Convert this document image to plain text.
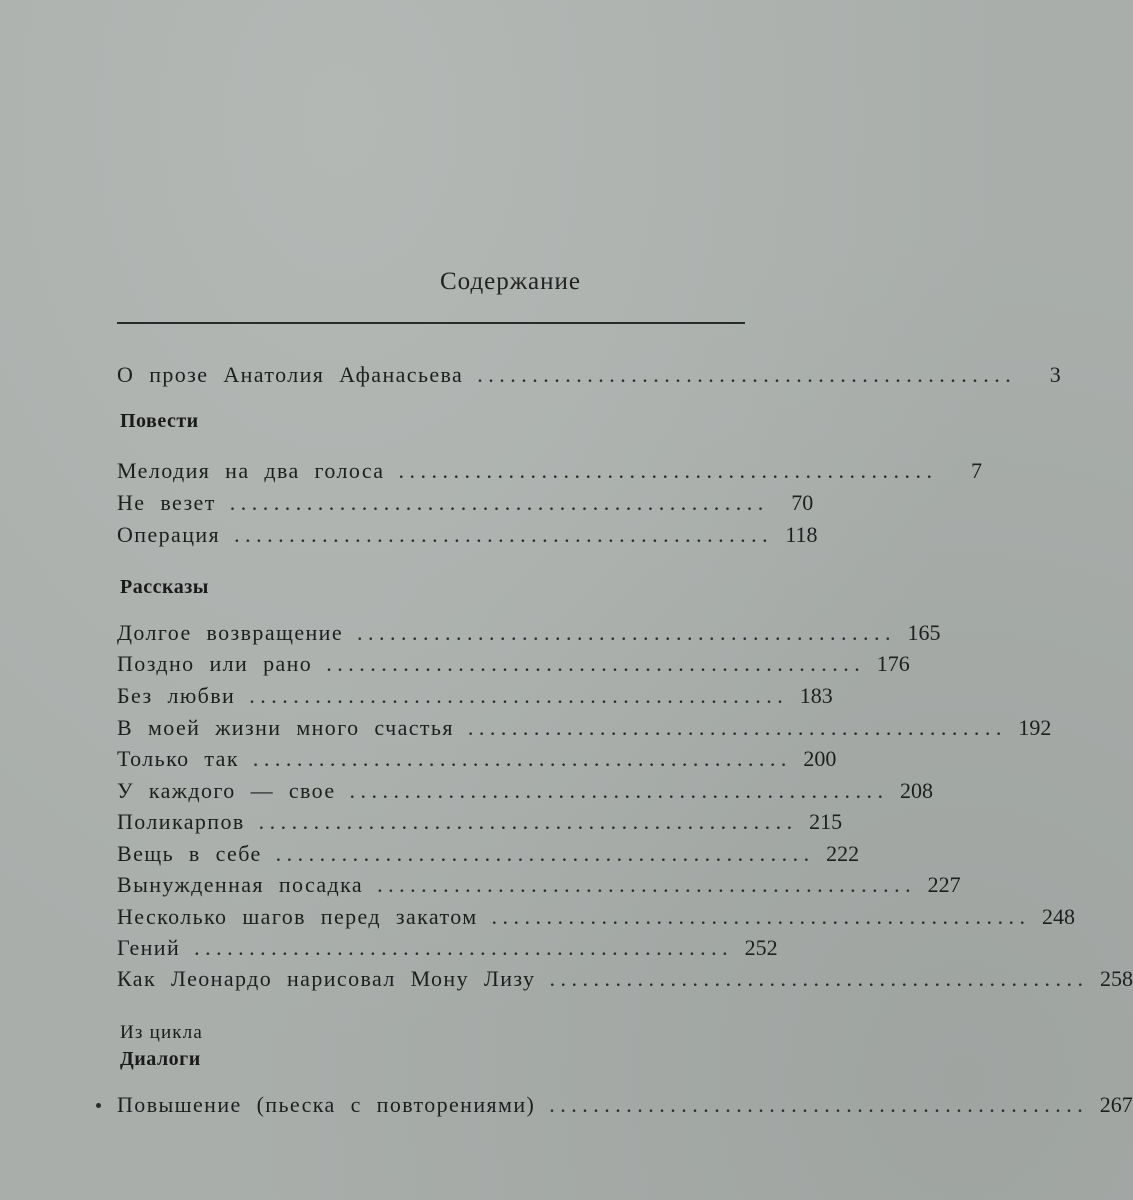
Содержание
О прозе Анатолия Афанасьева . . . . . . . . . . . . . . . . . . . . . . . . . . . . . . . . . . . . . . . . . . . . . . . . .	3
Повести
Мелодия на два голоса . . . . . . . . . . . . . . . . . . . . . . . . . . . . . . . . . . . . . . . . . . . . . . . . .	7
Не везет . . . . . . . . . . . . . . . . . . . . . . . . . . . . . . . . . . . . . . . . . . . . . . . . .	70
Операция . . . . . . . . . . . . . . . . . . . . . . . . . . . . . . . . . . . . . . . . . . . . . . . . . 118
Рассказы
Долгое возвращение . . . . . . . . . . . . . . . . . . . . . . . . . . . . . . . . . . . . . . . . . . . . . . . . . 165
Поздно или рано . . . . . . . . . . . . . . . . . . . . . . . . . . . . . . . . . . . . . . . . . . . . . . . . . 176
Без любви . . . . . . . . . . . . . . . . . . . . . . . . . . . . . . . . . . . . . . . . . . . . . . . . . 183
В моей жизни много счастья . . . . . . . . . . . . . . . . . . . . . . . . . . . . . . . . . . . . . . . . . . . . . . . . . 192
Только так . . . . . . . . . . . . . . . . . . . . . . . . . . . . . . . . . . . . . . . . . . . . . . . . . 200
У каждого — свое . . . . . . . . . . . . . . . . . . . . . . . . . . . . . . . . . . . . . . . . . . . . . . . . . 208
Поликарпов . . . . . . . . . . . . . . . . . . . . . . . . . . . . . . . . . . . . . . . . . . . . . . . . . 215
Вещь в себе . . . . . . . . . . . . . . . . . . . . . . . . . . . . . . . . . . . . . . . . . . . . . . . . . 222
Вынужденная посадка . . . . . . . . . . . . . . . . . . . . . . . . . . . . . . . . . . . . . . . . . . . . . . . . . 227
Несколько шагов перед закатом . . . . . . . . . . . . . . . . . . . . . . . . . . . . . . . . . . . . . . . . . . . . . . . . . 248
Гений . . . . . . . . . . . . . . . . . . . . . . . . . . . . . . . . . . . . . . . . . . . . . . . . . 252
Как Леонардо нарисовал Мону Лизу . . . . . . . . . . . . . . . . . . . . . . . . . . . . . . . . . . . . . . . . . . . . . . . . . 258
Из цикла
Диалоги
Повышение (пьеска с повторениями) . . . . . . . . . . . . . . . . . . . . . . . . . . . . . . . . . . . . . . . . . . . . . . . . . 267
